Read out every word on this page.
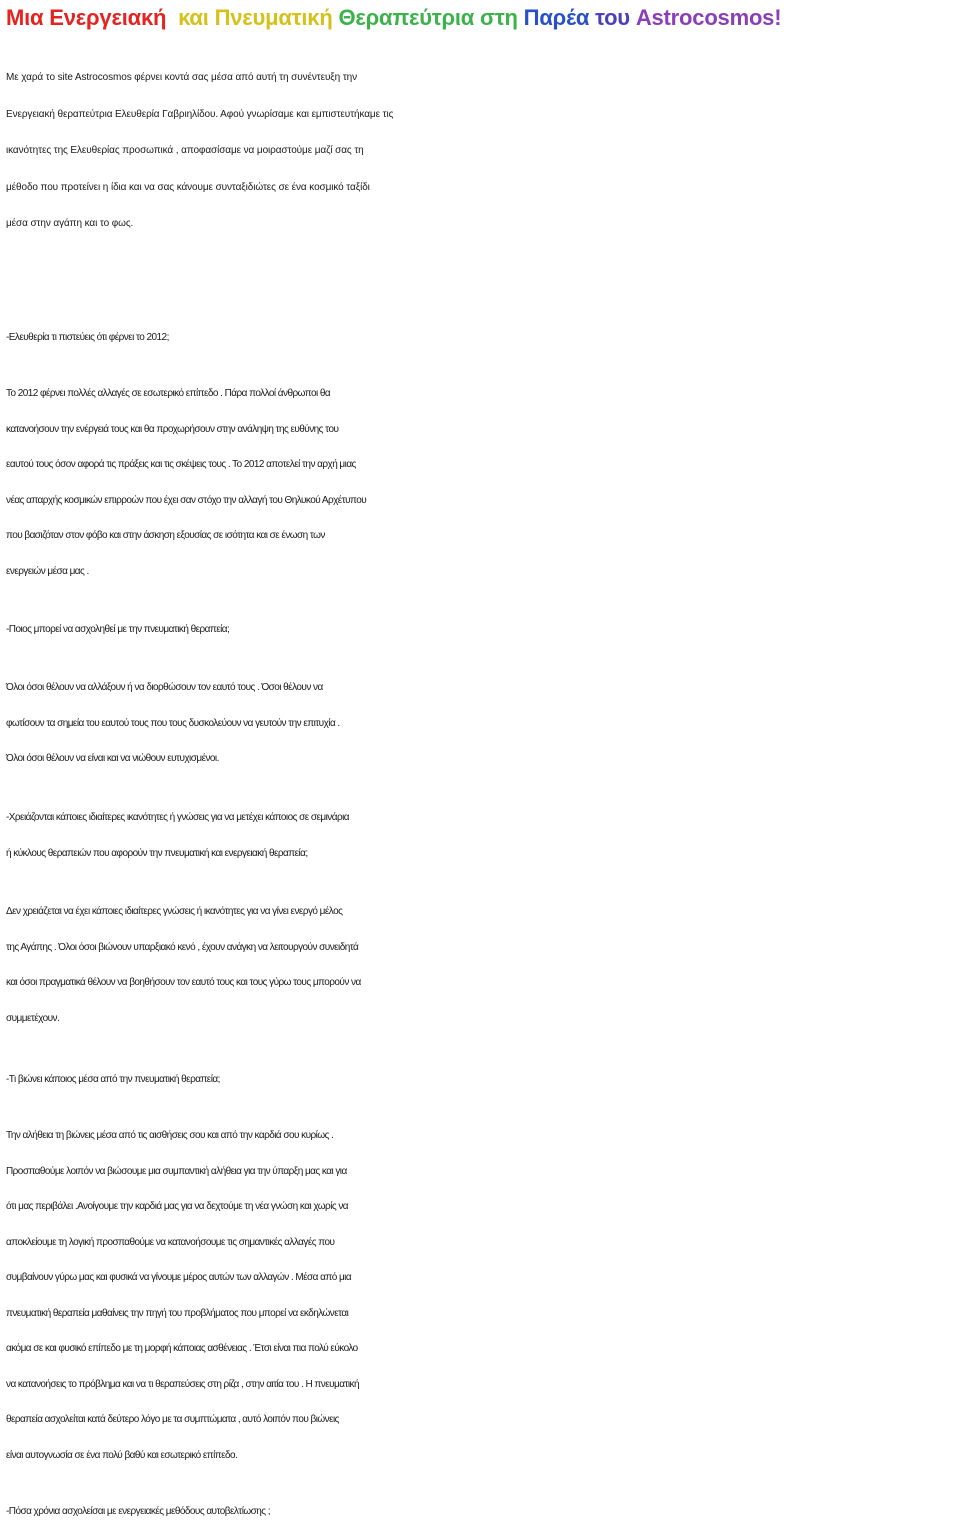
Μια Ενεργειακή  και Πνευματική Θεραπεύτρια στη Παρέα του Astrocosmos!
Με χαρά το site Astrocosmos φέρνει κοντά σας μέσα από αυτή τη συνέντευξη την
Ενεργειακή θεραπεύτρια Ελευθερία Γαβριηλίδου. Αφού γνωρίσαμε και εμπιστευτήκαμε τις
ικανότητες της Ελευθερίας προσωπικά , αποφασίσαμε να μοιραστούμε μαζί σας τη
μέθοδο που προτείνει η ίδια και να σας κάνουμε συνταξιδιώτες σε ένα κοσμικό ταξίδι
μέσα στην αγάπη και το φως.
-Ελευθερία τι πιστεύεις ότι φέρνει το 2012;
Το 2012 φέρνει πολλές αλλαγές σε εσωτερικό επίπεδο . Πάρα πολλοί άνθρωποι θα
κατανοήσουν την ενέργειά τους και θα προχωρήσουν στην ανάληψη της ευθύνης του
εαυτού τους όσον αφορά τις πράξεις και τις σκέψεις τους . Το 2012 αποτελεί την αρχή μιας
νέας απαρχής κοσμικών επιρροών που έχει σαν στόχο την αλλαγή του Θηλυκού Αρχέτυπου
που βασιζόταν στον φόβο και στην άσκηση εξουσίας σε ισότητα και σε ένωση των
ενεργειών μέσα μας .
-Ποιος μπορεί να ασχοληθεί με την πνευματική θεραπεία;
Όλοι όσοι θέλουν να αλλάξουν ή να διορθώσουν τον εαυτό τους . Όσοι θέλουν να
φωτίσουν τα σημεία του εαυτού τους που τους δυσκολεύουν να γευτούν την επιτυχία .
Όλοι όσοι θέλουν να είναι και να νιώθουν ευτυχισμένοι.
-Χρειάζονται κάποιες ιδιαίτερες ικανότητες ή γνώσεις για να μετέχει κάποιος σε σεμινάρια
ή κύκλους θεραπειών που αφορούν την πνευματική και ενεργειακή θεραπεία;
Δεν χρειάζεται να έχει κάποιες ιδιαίτερες γνώσεις ή ικανότητες για να γίνει ενεργό μέλος
της Αγάπης . Όλοι όσοι βιώνουν υπαρξιακό κενό , έχουν ανάγκη να λειτουργούν συνειδητά
και όσοι πραγματικά θέλουν να βοηθήσουν τον εαυτό τους και τους γύρω τους μπορούν να
συμμετέχουν.
-Τι βιώνει κάποιος μέσα από την πνευματική θεραπεία;
Την αλήθεια τη βιώνεις μέσα από τις αισθήσεις σου και από την καρδιά σου κυρίως .
Προσπαθούμε λοιπόν να βιώσουμε μια συμπαντική αλήθεια για την ύπαρξη μας και για
ότι μας περιβάλει .Ανοίγουμε την καρδιά μας για να δεχτούμε τη νέα γνώση και χωρίς να
αποκλείουμε τη λογική προσπαθούμε να κατανοήσουμε τις σημαντικές αλλαγές που
συμβαίνουν γύρω μας και φυσικά να γίνουμε μέρος αυτών των αλλαγών . Μέσα από μια
πνευματική θεραπεία μαθαίνεις την πηγή του προβλήματος που μπορεί να εκδηλώνεται
ακόμα σε και φυσικό επίπεδο με τη μορφή κάποιας ασθένειας . Έτσι είναι πια πολύ εύκολο
να κατανοήσεις το πρόβλημα και να τι θεραπεύσεις στη ρίζα , στην αιτία του . Η πνευματική
θεραπεία ασχολείται κατά δεύτερο λόγο με τα συμπτώματα , αυτό λοιπόν που βιώνεις
είναι αυτογνωσία σε ένα πολύ βαθύ και εσωτερικό επίπεδο.
-Πόσα χρόνια ασχολείσαι με ενεργειακές μεθόδους αυτοβελτίωσης ;
